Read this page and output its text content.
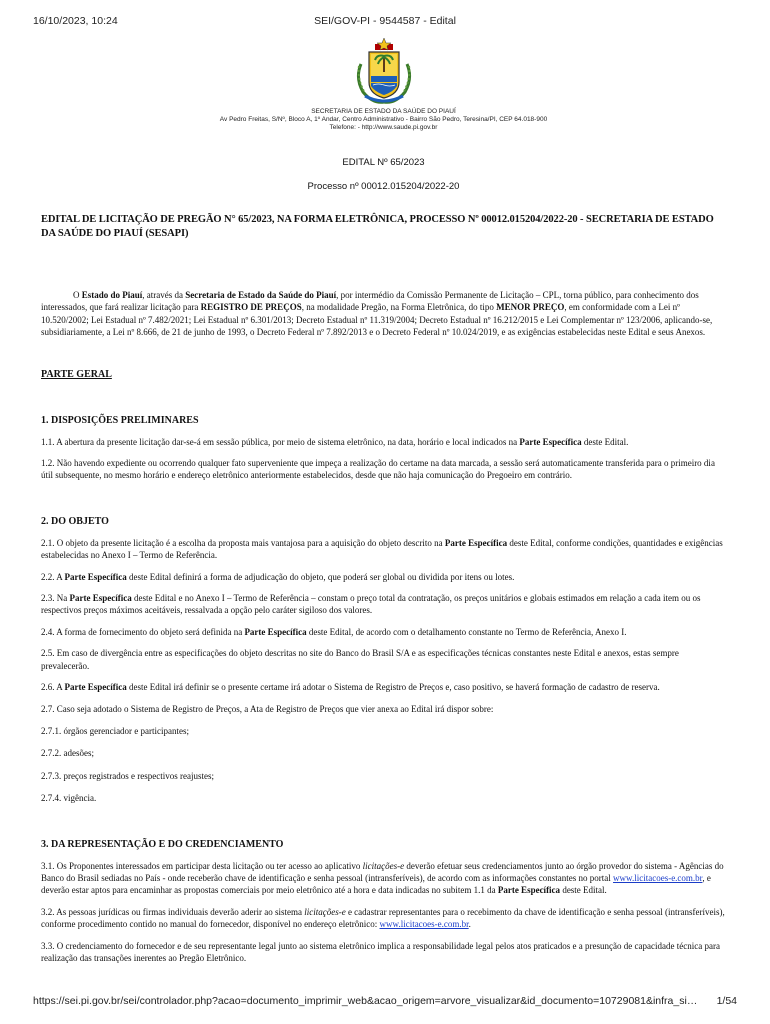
16/10/2023, 10:24	SEI/GOV-PI - 9544587 - Edital
SECRETARIA DE ESTADO DA SAÚDE DO PIAUÍ
Av Pedro Freitas, S/Nº, Bloco A, 1º Andar, Centro Administrativo - Bairro São Pedro, Teresina/PI, CEP 64.018-900
Telefone: - http://www.saude.pi.gov.br
EDITAL Nº 65/2023
Processo nº 00012.015204/2022-20
EDITAL DE LICITAÇÃO DE PREGÃO N° 65/2023, NA FORMA ELETRÔNICA, PROCESSO Nº 00012.015204/2022-20 - SECRETARIA DE ESTADO DA SAÚDE DO PIAUÍ (SESAPI)

O Estado do Piauí, através da Secretaria de Estado da Saúde do Piauí, por intermédio da Comissão Permanente de Licitação – CPL, torna público, para conhecimento dos interessados, que fará realizar licitação para REGISTRO DE PREÇOS, na modalidade Pregão, na Forma Eletrônica, do tipo MENOR PREÇO, em conformidade com a Lei nº 10.520/2002; Lei Estadual nº 7.482/2021; Lei Estadual nº 6.301/2013; Decreto Estadual nº 11.319/2004; Decreto Estadual nº 16.212/2015 e Lei Complementar nº 123/2006, aplicando-se, subsidiariamente, a Lei nº 8.666, de 21 de junho de 1993, o Decreto Federal nº 7.892/2013 e o Decreto Federal nº 10.024/2019, e as exigências estabelecidas neste Edital e seus Anexos.

PARTE GERAL
1. DISPOSIÇÕES PRELIMINARES

1.1. A abertura da presente licitação dar-se-á em sessão pública, por meio de sistema eletrônico, na data, horário e local indicados na Parte Específica deste Edital.

1.2. Não havendo expediente ou ocorrendo qualquer fato superveniente que impeça a realização do certame na data marcada, a sessão será automaticamente transferida para o primeiro dia útil subsequente, no mesmo horário e endereço eletrônico anteriormente estabelecidos, desde que não haja comunicação do Pregoeiro em contrário.

2. DO OBJETO

2.1. O objeto da presente licitação é a escolha da proposta mais vantajosa para a aquisição do objeto descrito na Parte Específica deste Edital, conforme condições, quantidades e exigências estabelecidas no Anexo I – Termo de Referência.

2.2. A Parte Específica deste Edital definirá a forma de adjudicação do objeto, que poderá ser global ou dividida por itens ou lotes.

2.3. Na Parte Específica deste Edital e no Anexo I – Termo de Referência – constam o preço total da contratação, os preços unitários e globais estimados em relação a cada item ou os respectivos preços máximos aceitáveis, ressalvada a opção pelo caráter sigiloso dos valores.

2.4. A forma de fornecimento do objeto será definida na Parte Específica deste Edital, de acordo com o detalhamento constante no Termo de Referência, Anexo I.

2.5. Em caso de divergência entre as especificações do objeto descritas no site do Banco do Brasil S/A e as especificações técnicas constantes neste Edital e anexos, estas sempre prevalecerão.

2.6. A Parte Específica deste Edital irá definir se o presente certame irá adotar o Sistema de Registro de Preços e, caso positivo, se haverá formação de cadastro de reserva.

2.7. Caso seja adotado o Sistema de Registro de Preços, a Ata de Registro de Preços que vier anexa ao Edital irá dispor sobre:

2.7.1. órgãos gerenciador e participantes;

2.7.2. adesões;

2.7.3. preços registrados e respectivos reajustes;

2.7.4. vigência.

3. DA REPRESENTAÇÃO E DO CREDENCIAMENTO

3.1. Os Proponentes interessados em participar desta licitação ou ter acesso ao aplicativo licitações-e deverão efetuar seus credenciamentos junto ao órgão provedor do sistema - Agências do Banco do Brasil sediadas no País - onde receberão chave de identificação e senha pessoal (intransferíveis), de acordo com as informações constantes no portal www.licitacoes-e.com.br, e deverão estar aptos para encaminhar as propostas comerciais por meio eletrônico até a hora e data indicadas no subitem 1.1 da Parte Específica deste Edital.

3.2. As pessoas jurídicas ou firmas individuais deverão aderir ao sistema licitações-e e cadastrar representantes para o recebimento da chave de identificação e senha pessoal (intransferíveis), conforme procedimento contido no manual do fornecedor, disponível no endereço eletrônico: www.licitacoes-e.com.br.

3.3. O credenciamento do fornecedor e de seu representante legal junto ao sistema eletrônico implica a responsabilidade legal pelos atos praticados e a presunção de capacidade técnica para realização das transações inerentes ao Pregão Eletrônico.

https://sei.pi.gov.br/sei/controlador.php?acao=documento_imprimir_web&acao_origem=arvore_visualizar&id_documento=10729081&infra_si… 1/54
